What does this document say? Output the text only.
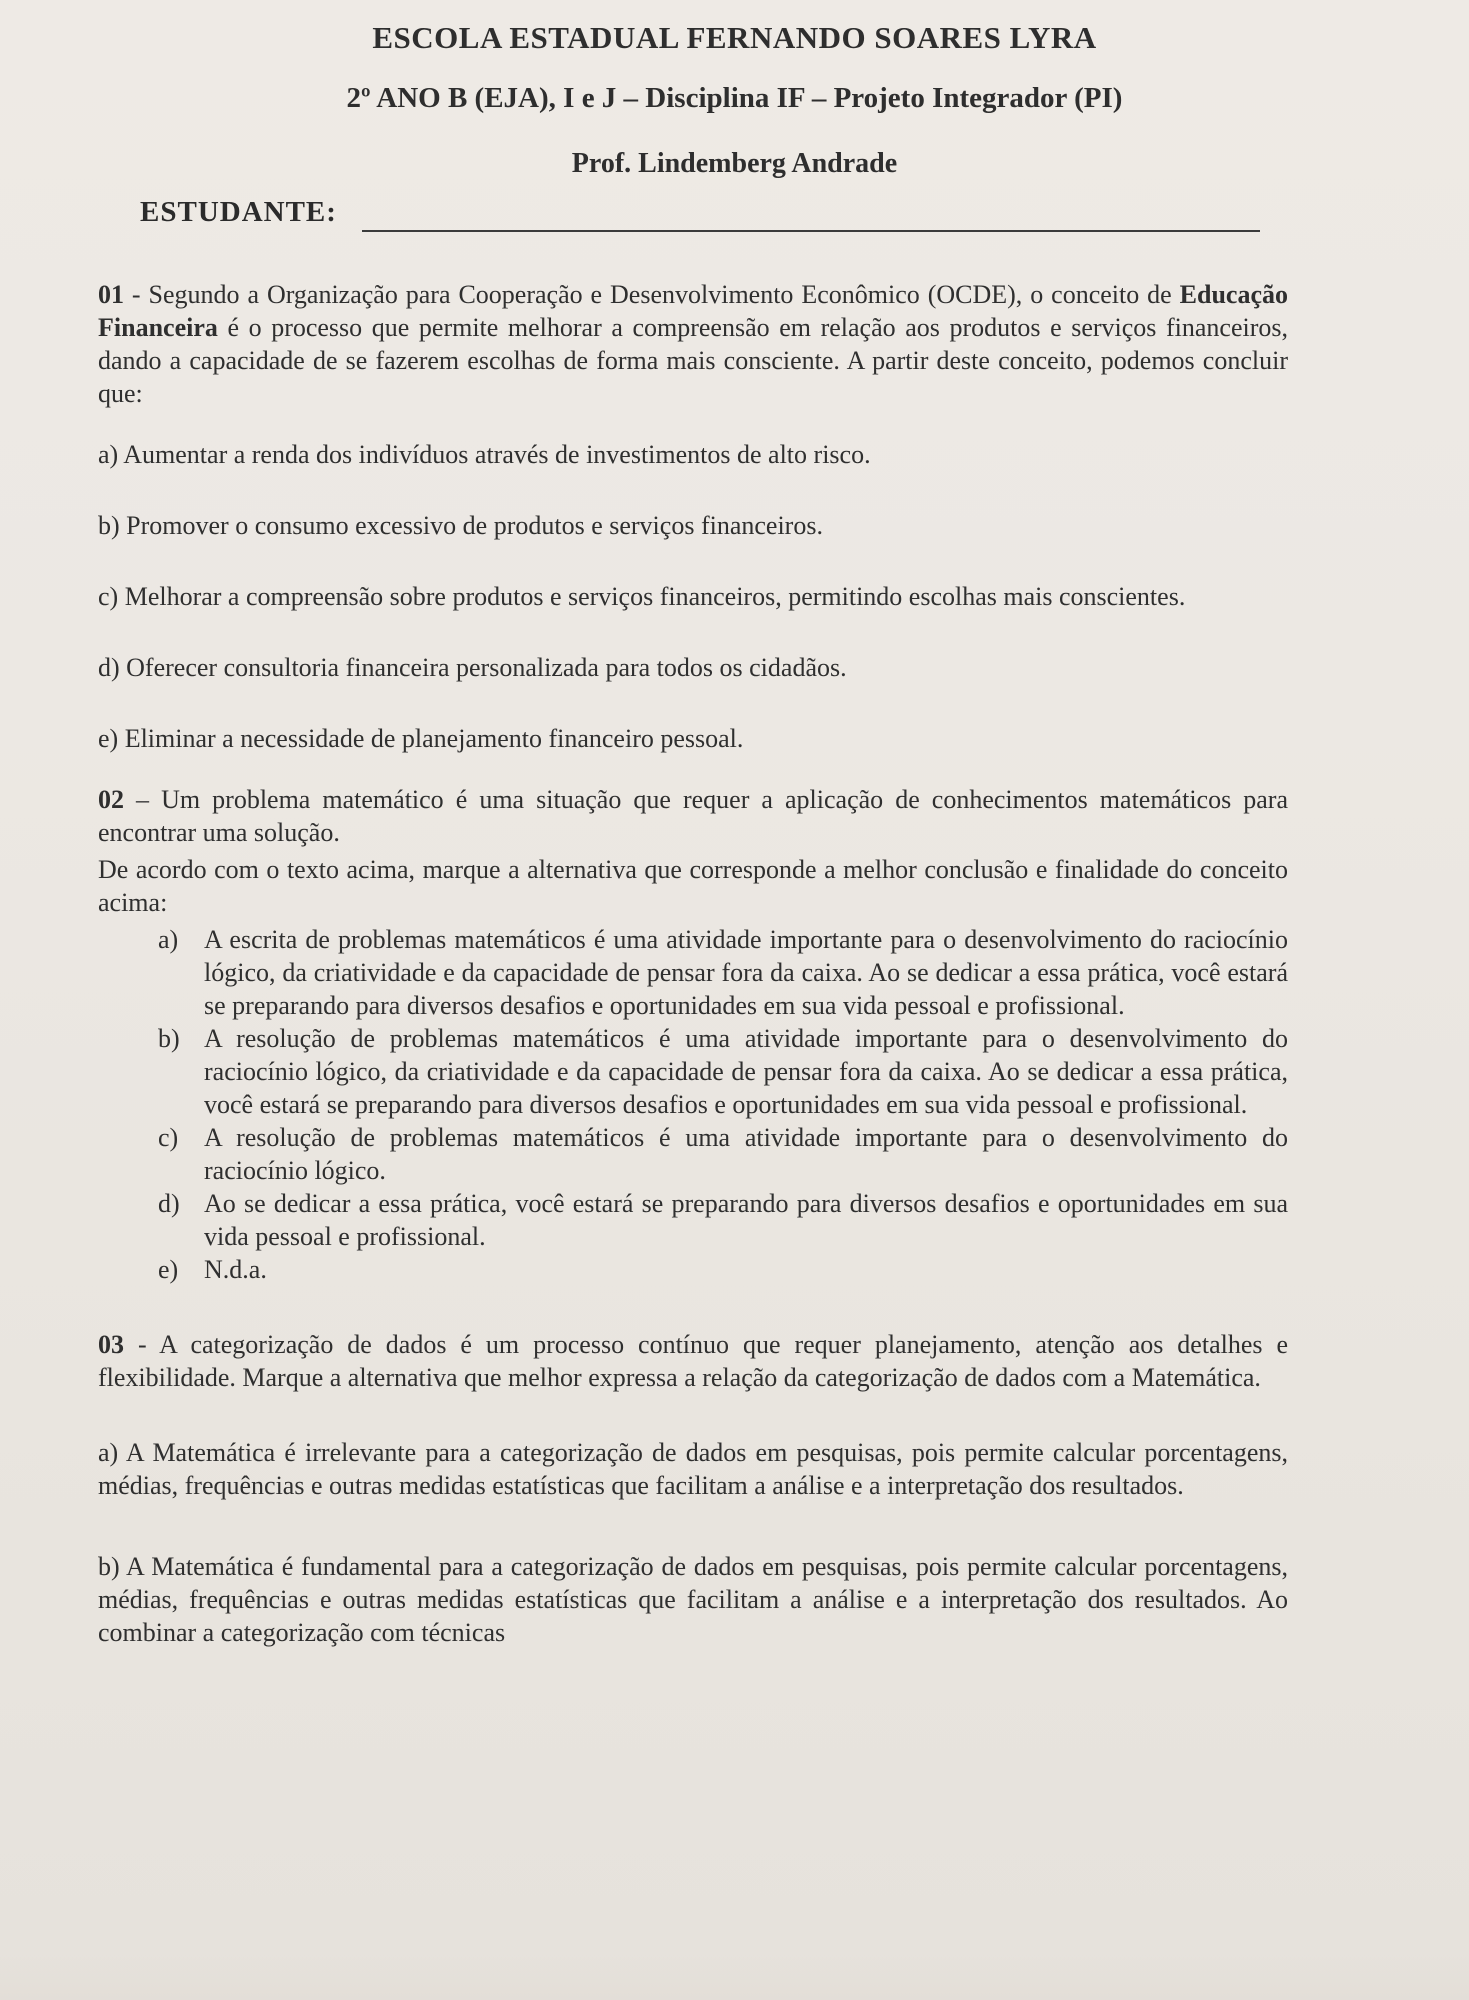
ESCOLA ESTADUAL FERNANDO SOARES LYRA
2º ANO B (EJA), I e J – Disciplina IF – Projeto Integrador (PI)
Prof. Lindemberg Andrade
ESTUDANTE:

01 - Segundo a Organização para Cooperação e Desenvolvimento Econômico (OCDE), o conceito de Educação Financeira é o processo que permite melhorar a compreensão em relação aos produtos e serviços financeiros, dando a capacidade de se fazerem escolhas de forma mais consciente. A partir deste conceito, podemos concluir que:

a) Aumentar a renda dos indivíduos através de investimentos de alto risco.

b) Promover o consumo excessivo de produtos e serviços financeiros.

c) Melhorar a compreensão sobre produtos e serviços financeiros, permitindo escolhas mais conscientes.

d) Oferecer consultoria financeira personalizada para todos os cidadãos.

e) Eliminar a necessidade de planejamento financeiro pessoal.

02 – Um problema matemático é uma situação que requer a aplicação de conhecimentos matemáticos para encontrar uma solução.

De acordo com o texto acima, marque a alternativa que corresponde a melhor conclusão e finalidade do conceito acima:

a) A escrita de problemas matemáticos é uma atividade importante para o desenvolvimento do raciocínio lógico, da criatividade e da capacidade de pensar fora da caixa. Ao se dedicar a essa prática, você estará se preparando para diversos desafios e oportunidades em sua vida pessoal e profissional.
b) A resolução de problemas matemáticos é uma atividade importante para o desenvolvimento do raciocínio lógico, da criatividade e da capacidade de pensar fora da caixa. Ao se dedicar a essa prática, você estará se preparando para diversos desafios e oportunidades em sua vida pessoal e profissional.
c) A resolução de problemas matemáticos é uma atividade importante para o desenvolvimento do raciocínio lógico.
d) Ao se dedicar a essa prática, você estará se preparando para diversos desafios e oportunidades em sua vida pessoal e profissional.
e) N.d.a.

03 - A categorização de dados é um processo contínuo que requer planejamento, atenção aos detalhes e flexibilidade. Marque a alternativa que melhor expressa a relação da categorização de dados com a Matemática.

a) A Matemática é irrelevante para a categorização de dados em pesquisas, pois permite calcular porcentagens, médias, frequências e outras medidas estatísticas que facilitam a análise e a interpretação dos resultados.

b) A Matemática é fundamental para a categorização de dados em pesquisas, pois permite calcular porcentagens, médias, frequências e outras medidas estatísticas que facilitam a análise e a interpretação dos resultados. Ao combinar a categorização com técnicas
